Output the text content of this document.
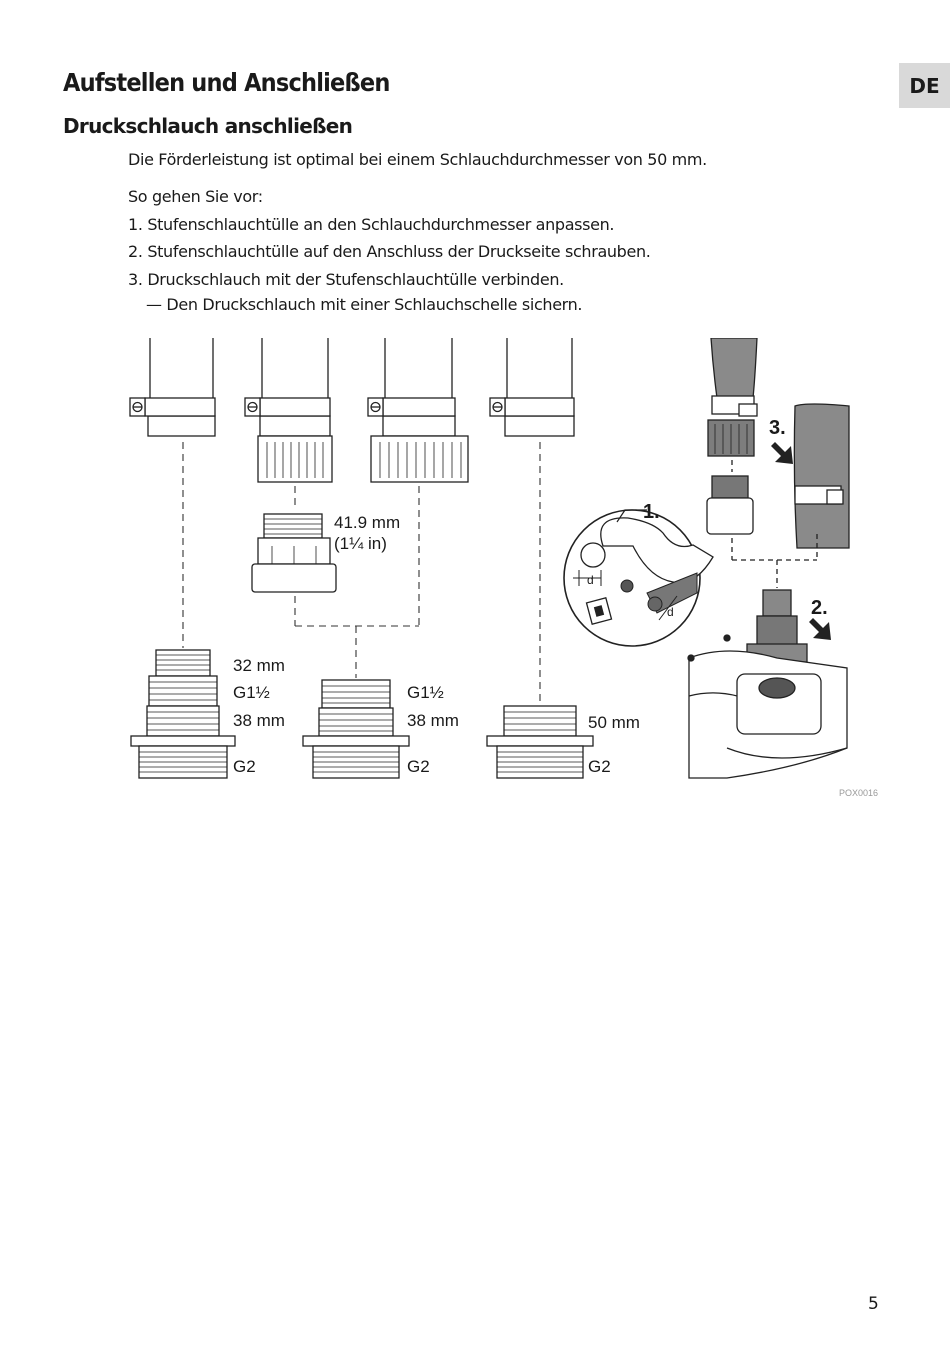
DE
Aufstellen und Anschließen
Druckschlauch anschließen

Die Förderleistung ist optimal bei einem Schlauchdurchmesser von 50 mm.

So gehen Sie vor:

1. Stufenschlauchtülle an den Schlauchdurchmesser anpassen.

2. Stufenschlauchtülle auf den Anschluss der Druckseite schrauben.

3. Druckschlauch mit der Stufenschlauchtülle verbinden.

— Den Druckschlauch mit einer Schlauchschelle sichern.

41.9 mm
(1¼ in)
32 mm
G1½
38 mm
G2
G1½
38 mm
G2
50 mm
G2
1.
2.
3.
d
d
POX0016
5
